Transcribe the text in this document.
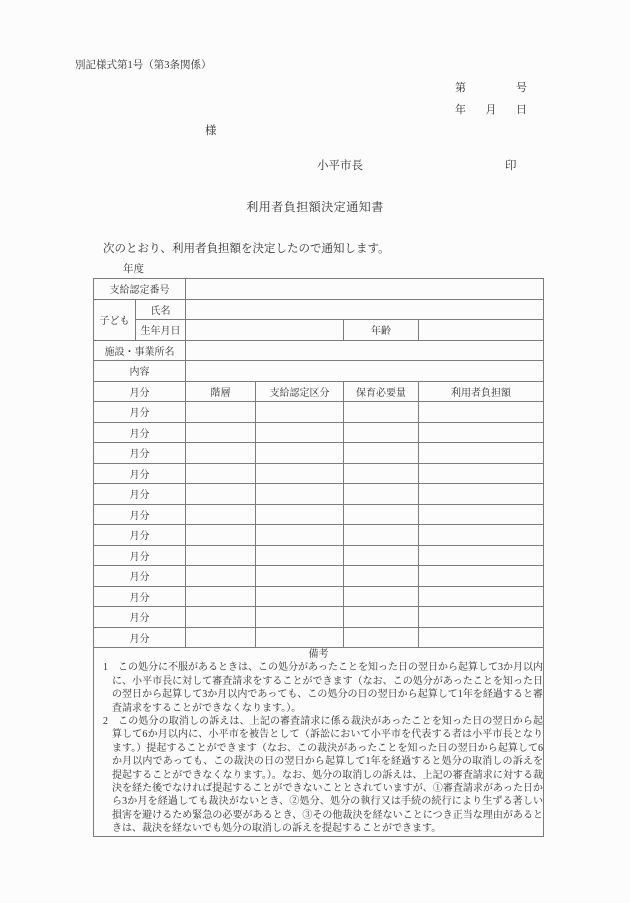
別記様式第1号（第3条関係）
第	号
年 月 日
様
小平市長	印
利用者負担額決定通知書
次のとおり、利用者負担額を決定したので通知します。
年度
支給認定番号					
子ども	氏名				
	生年月日			年齢	
施設・事業所名					
内容					
月分		階層	支給認定区分	保育必要量	利用者負担額
月分					
月分					
月分					
月分					
月分					
月分					
月分					
月分					
月分					
月分					
月分					
月分					

備考
1 この処分に不服があるときは、この処分があったことを知った日の翌日から起算して3か月以内に、小平市長に対して審査請求をすることができます（なお、この処分があったことを知った日の翌日から起算して3か月以内であっても、この処分の日の翌日から起算して1年を経過すると審査請求をすることができなくなります。）。
2 この処分の取消しの訴えは、上記の審査請求に係る裁決があったことを知った日の翌日から起算して6か月以内に、小平市を被告として（訴訟において小平市を代表する者は小平市長となります。）提起することができます（なお、この裁決があったことを知った日の翌日から起算して6か月以内であっても、この裁決の日の翌日から起算して1年を経過すると処分の取消しの訴えを提起することができなくなります。）。なお、処分の取消しの訴えは、上記の審査請求に対する裁決を経た後でなければ提起することができないこととされていますが、①審査請求があった日から3か月を経過しても裁決がないとき、②処分、処分の執行又は手続の続行により生ずる著しい損害を避けるため緊急の必要があるとき、③その他裁決を経ないことにつき正当な理由があるときは、裁決を経ないでも処分の取消しの訴えを提起することができます。					
